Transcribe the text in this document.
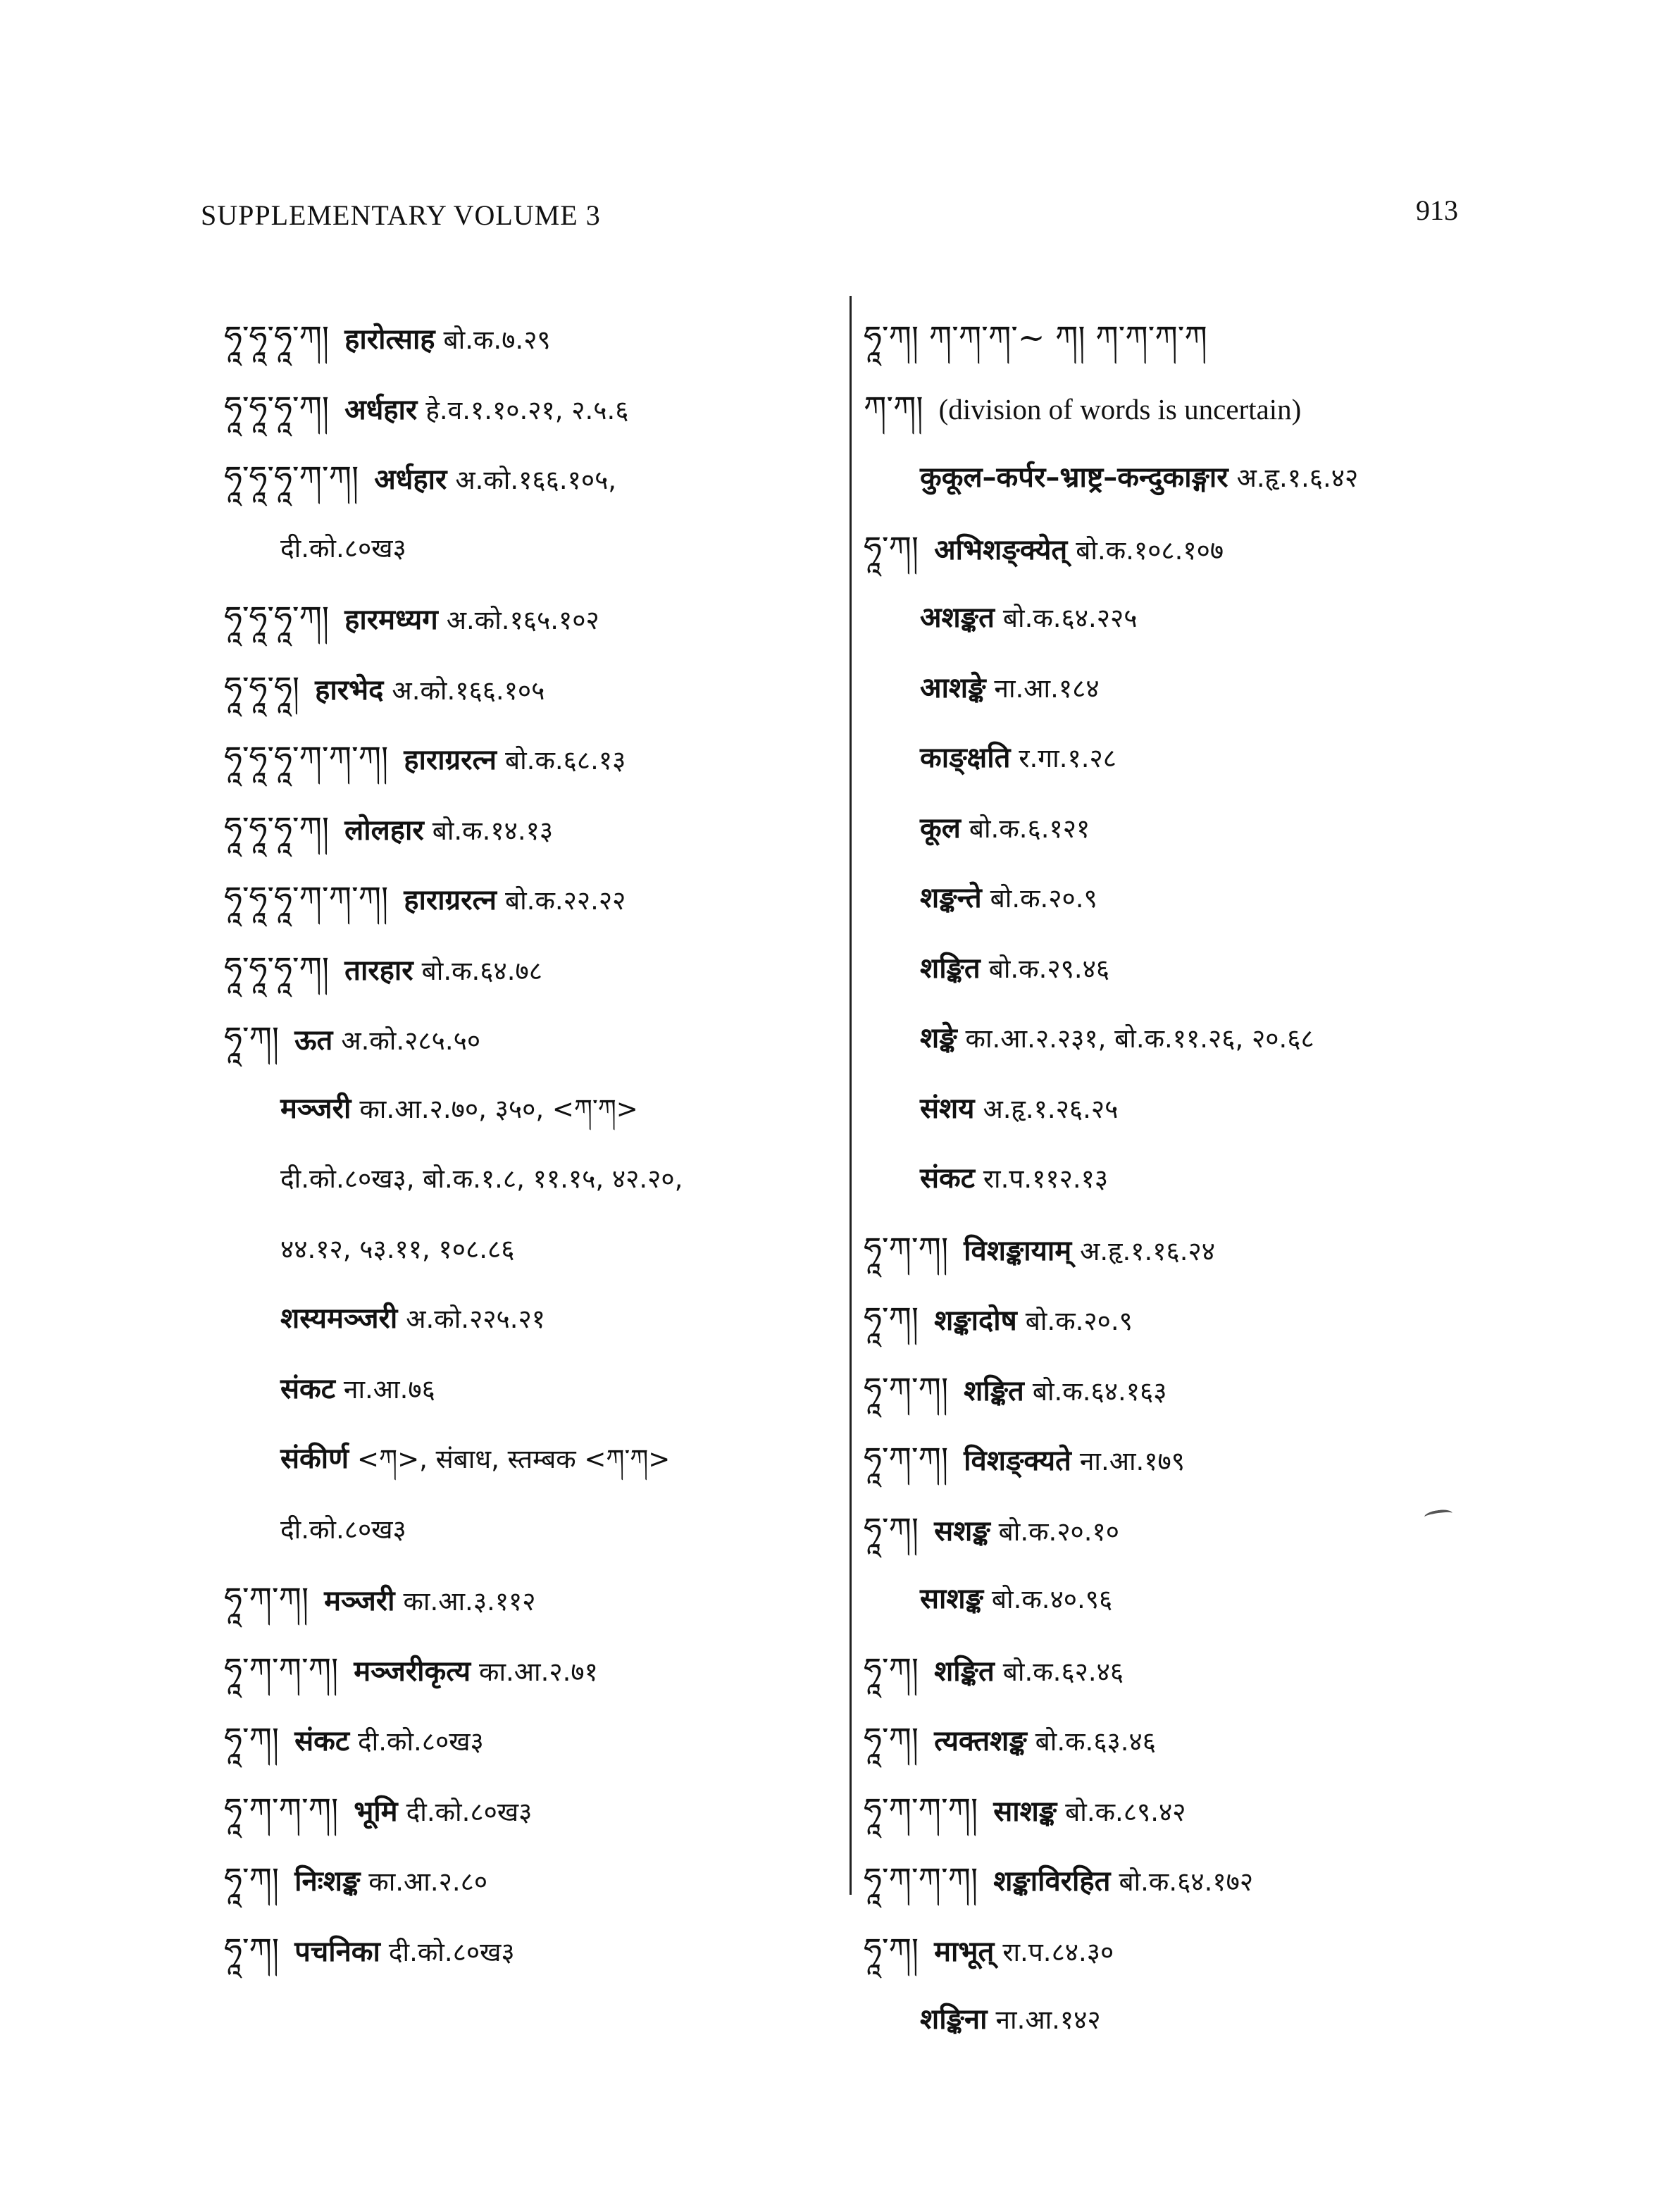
SUPPLEMENTARY VOLUME 3	913
ཧཱ་ཧཱ་ཧཱ་ཀ། हारोत्साह बो.क.७.२९
ཧཱ་ཧཱ་ཧཱ་ཀ། अर्धहार हे.व.१.१०.२१, २.५.६
ཧཱ་ཧཱ་ཧཱ་ཀ་ཀ། अर्धहार अ.को.१६६.१०५,
दी.को.८०ख३
ཧཱ་ཧཱ་ཧཱ་ཀ། हारमध्यग अ.को.१६५.१०२
ཧཱ་ཧཱ་ཧཱ། हारभेद अ.को.१६६.१०५
ཧཱ་ཧཱ་ཧཱ་ཀ་ཀ་ཀ། हाराग्ररत्न बो.क.६८.१३
ཧཱ་ཧཱ་ཧཱ་ཀ། लोलहार बो.क.१४.१३
ཧཱ་ཧཱ་ཧཱ་ཀ་ཀ་ཀ། हाराग्ररत्न बो.क.२२.२२
ཧཱ་ཧཱ་ཧཱ་ཀ། तारहार बो.क.६४.७८
ཧཱ་ཀ། ऊत अ.को.२८५.५०
मञ्जरी का.आ.२.७०, ३५०, <ཀ་ཀ>
दी.को.८०ख३, बो.क.१.८, ११.१५, ४२.२०,
४४.१२, ५३.११, १०८.८६
शस्यमञ्जरी अ.को.२२५.२१
संकट ना.आ.७६
संकीर्ण <ཀ>, संबाध, स्तम्बक <ཀ་ཀ>
दी.को.८०ख३
ཧཱ་ཀ་ཀ། मञ्जरी का.आ.३.११२
ཧཱ་ཀ་ཀ་ཀ། मञ्जरीकृत्य का.आ.२.७१
ཧཱ་ཀ། संकट दी.को.८०ख३
ཧཱ་ཀ་ཀ་ཀ། भूमि दी.को.८०ख३
ཧཱ་ཀ། निःशङ्क का.आ.२.८०
ཧཱ་ཀ། पचनिका दी.को.८०ख३
ཧཱ་ཀ། ཀ་ཀ་ཀ་~ ཀ། ཀ་ཀ་ཀ་ཀ
ཀ་ཀ། (division of words is uncertain)
कुकूल–कर्पर–भ्राष्ट्र–कन्दुकाङ्गार अ.हृ.१.६.४२
ཧཱ་ཀ། अभिशङ्क्येत् बो.क.१०८.१०७
अशङ्कत बो.क.६४.२२५
आशङ्के ना.आ.१८४
काङ्क्षति र.गा.१.२८
कूल बो.क.६.१२१
शङ्कन्ते बो.क.२०.९
शङ्कित बो.क.२९.४६
शङ्के का.आ.२.२३१, बो.क.११.२६, २०.६८
संशय अ.हृ.१.२६.२५
संकट रा.प.११२.१३
ཧཱ་ཀ་ཀ། विशङ्कायाम् अ.हृ.१.१६.२४
ཧཱ་ཀ། शङ्कादोष बो.क.२०.९
ཧཱ་ཀ་ཀ། शङ्कित बो.क.६४.१६३
ཧཱ་ཀ་ཀ། विशङ्क्यते ना.आ.१७९
ཧཱ་ཀ། सशङ्क बो.क.२०.१०
साशङ्क बो.क.४०.९६
ཧཱ་ཀ། शङ्कित बो.क.६२.४६
ཧཱ་ཀ། त्यक्तशङ्क बो.क.६३.४६
ཧཱ་ཀ་ཀ་ཀ། साशङ्क बो.क.८९.४२
ཧཱ་ཀ་ཀ་ཀ། शङ्काविरहित बो.क.६४.१७२
ཧཱ་ཀ། माभूत् रा.प.८४.३०
शङ्किना ना.आ.१४२
